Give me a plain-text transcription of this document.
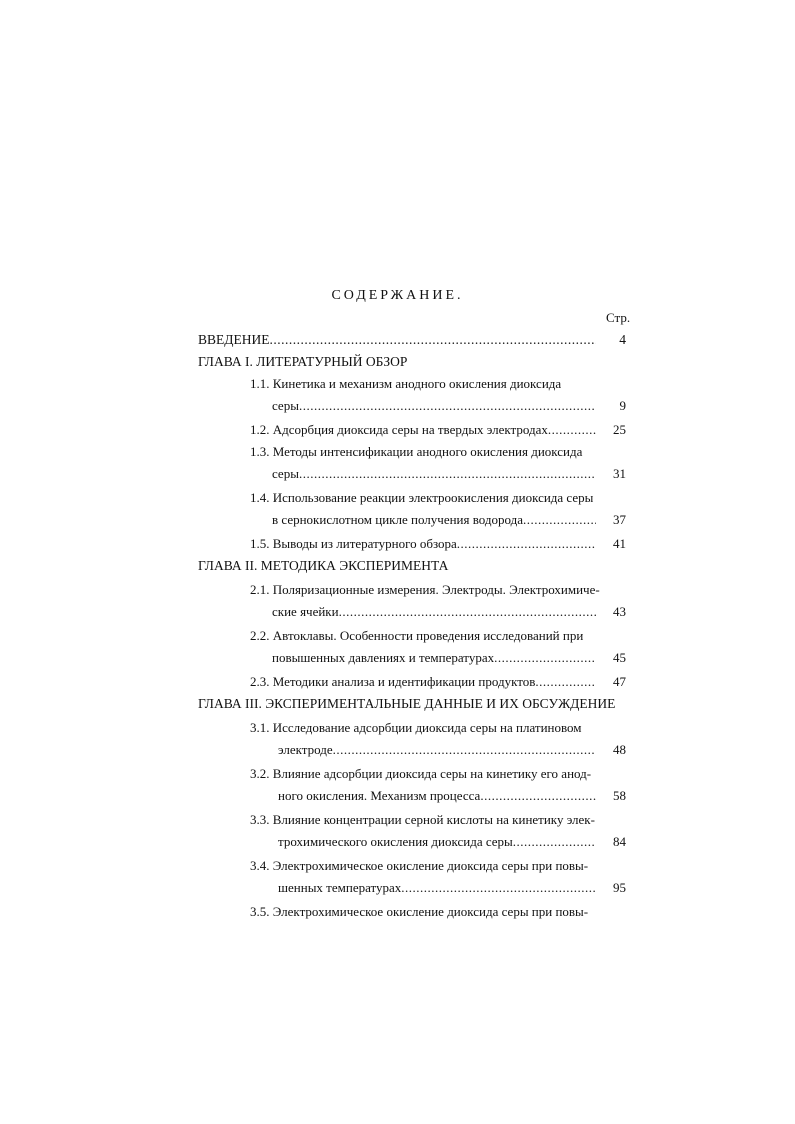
СОДЕРЖАНИЕ.
Стр.
ВВЕДЕНИЕ .....	4
ГЛАВА I. ЛИТЕРАТУРНЫЙ ОБЗОР
1.1. Кинетика и механизм анодного окисления диоксида
серы .....	9
1.2. Адсорбция диоксида серы на твердых электродах .....	25
1.3. Методы интенсификации анодного окисления диоксида
серы .....	31
1.4. Использование реакции электроокисления диоксида серы
в сернокислотном цикле получения водорода .....	37
1.5. Выводы из литературного обзора .....	41
ГЛАВА II. МЕТОДИКА ЭКСПЕРИМЕНТА
2.1. Поляризационные измерения. Электроды. Электрохимиче-
ские ячейки .....	43
2.2. Автоклавы. Особенности проведения исследований при
повышенных давлениях и температурах .....	45
2.3. Методики анализа и идентификации продуктов .....	47
ГЛАВА III. ЭКСПЕРИМЕНТАЛЬНЫЕ ДАННЫЕ И ИХ ОБСУЖДЕНИЕ
3.1. Исследование адсорбции диоксида серы на платиновом
электроде .....	48
3.2. Влияние адсорбции диоксида серы на кинетику его анод-
ного окисления. Механизм процесса .....	58
3.3. Влияние концентрации серной кислоты на кинетику элек-
трохимического окисления диоксида серы .....	84
3.4. Электрохимическое окисление диоксида серы при повы-
шенных температурах .....	95
3.5. Электрохимическое окисление диоксида серы при повы-
